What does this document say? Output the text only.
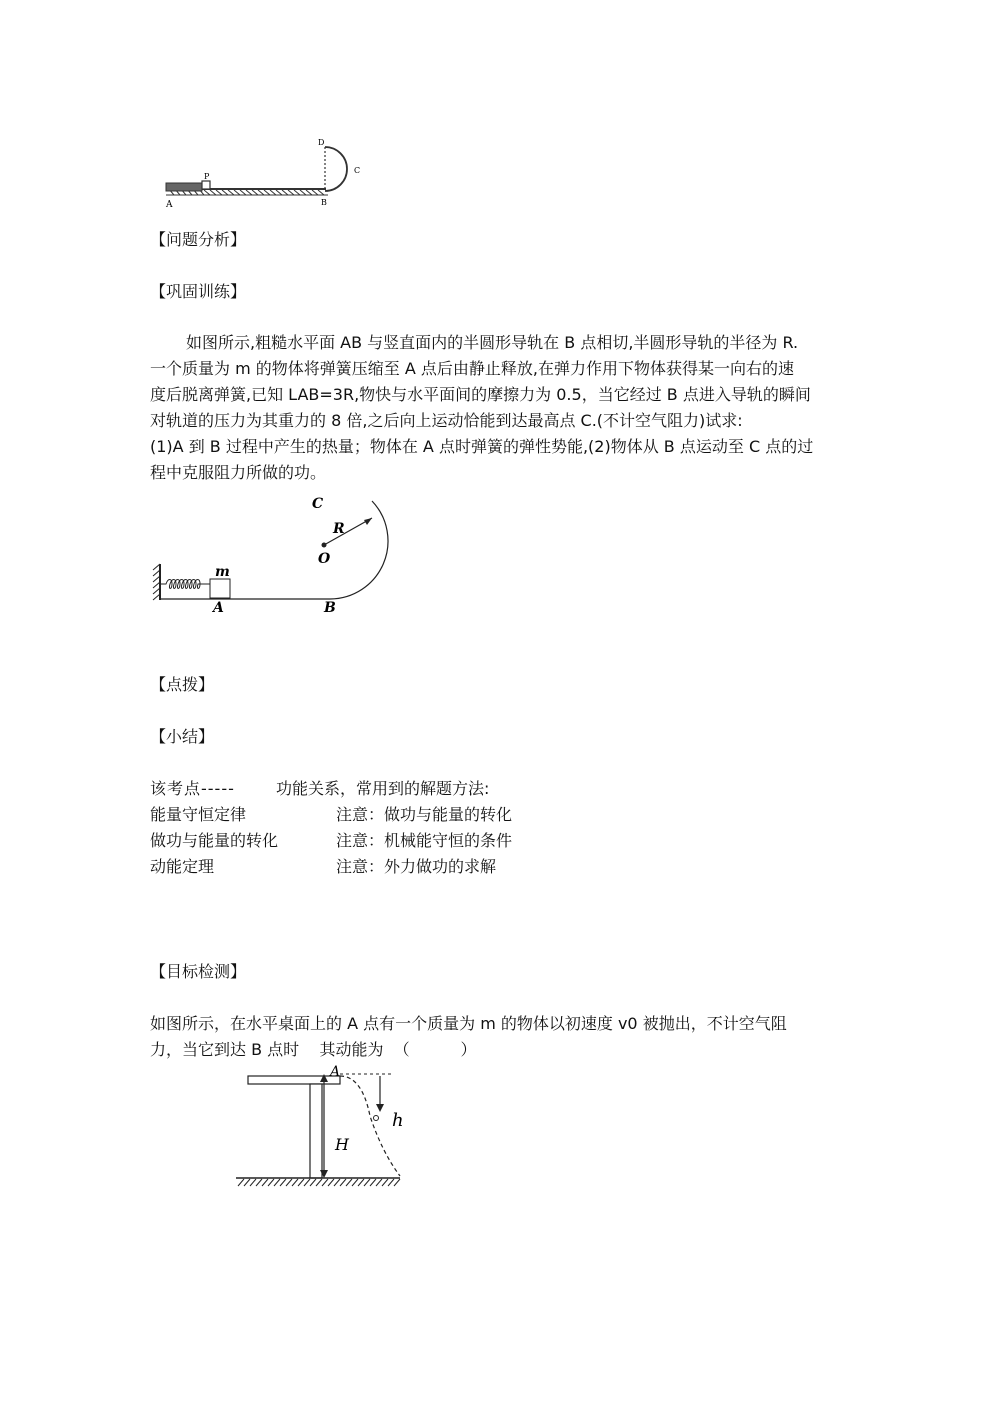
A
P
D
C
B
【问题分析】
【巩固训练】
如图所示,粗糙水平面 AB 与竖直面内的半圆形导轨在 B 点相切,半圆形导轨的半径为 R.
一个质量为 m 的物体将弹簧压缩至 A 点后由静止释放,在弹力作用下物体获得某一向右的速
度后脱离弹簧,已知 LAB=3R,物快与水平面间的摩擦力为 0.5，当它经过 B 点进入导轨的瞬间
对轨道的压力为其重力的 8 倍,之后向上运动恰能到达最高点 C.(不计空气阻力)试求:
(1)A 到 B 过程中产生的热量；物体在 A 点时弹簧的弹性势能,(2)物体从 B 点运动至 C 点的过
程中克服阻力所做的功。
C
R
O
m
A	B
【点拨】
【小结】
该考点-----	功能关系，常用到的解题方法:
能量守恒定律	注意：做功与能量的转化
做功与能量的转化	注意：机械能守恒的条件
动能定理	注意：外力做功的求解
【目标检测】
如图所示，在水平桌面上的 A 点有一个质量为 m 的物体以初速度 v0 被抛出，不计空气阻
力，当它到达 B 点时    其动能为  （          ）
A
h
H
